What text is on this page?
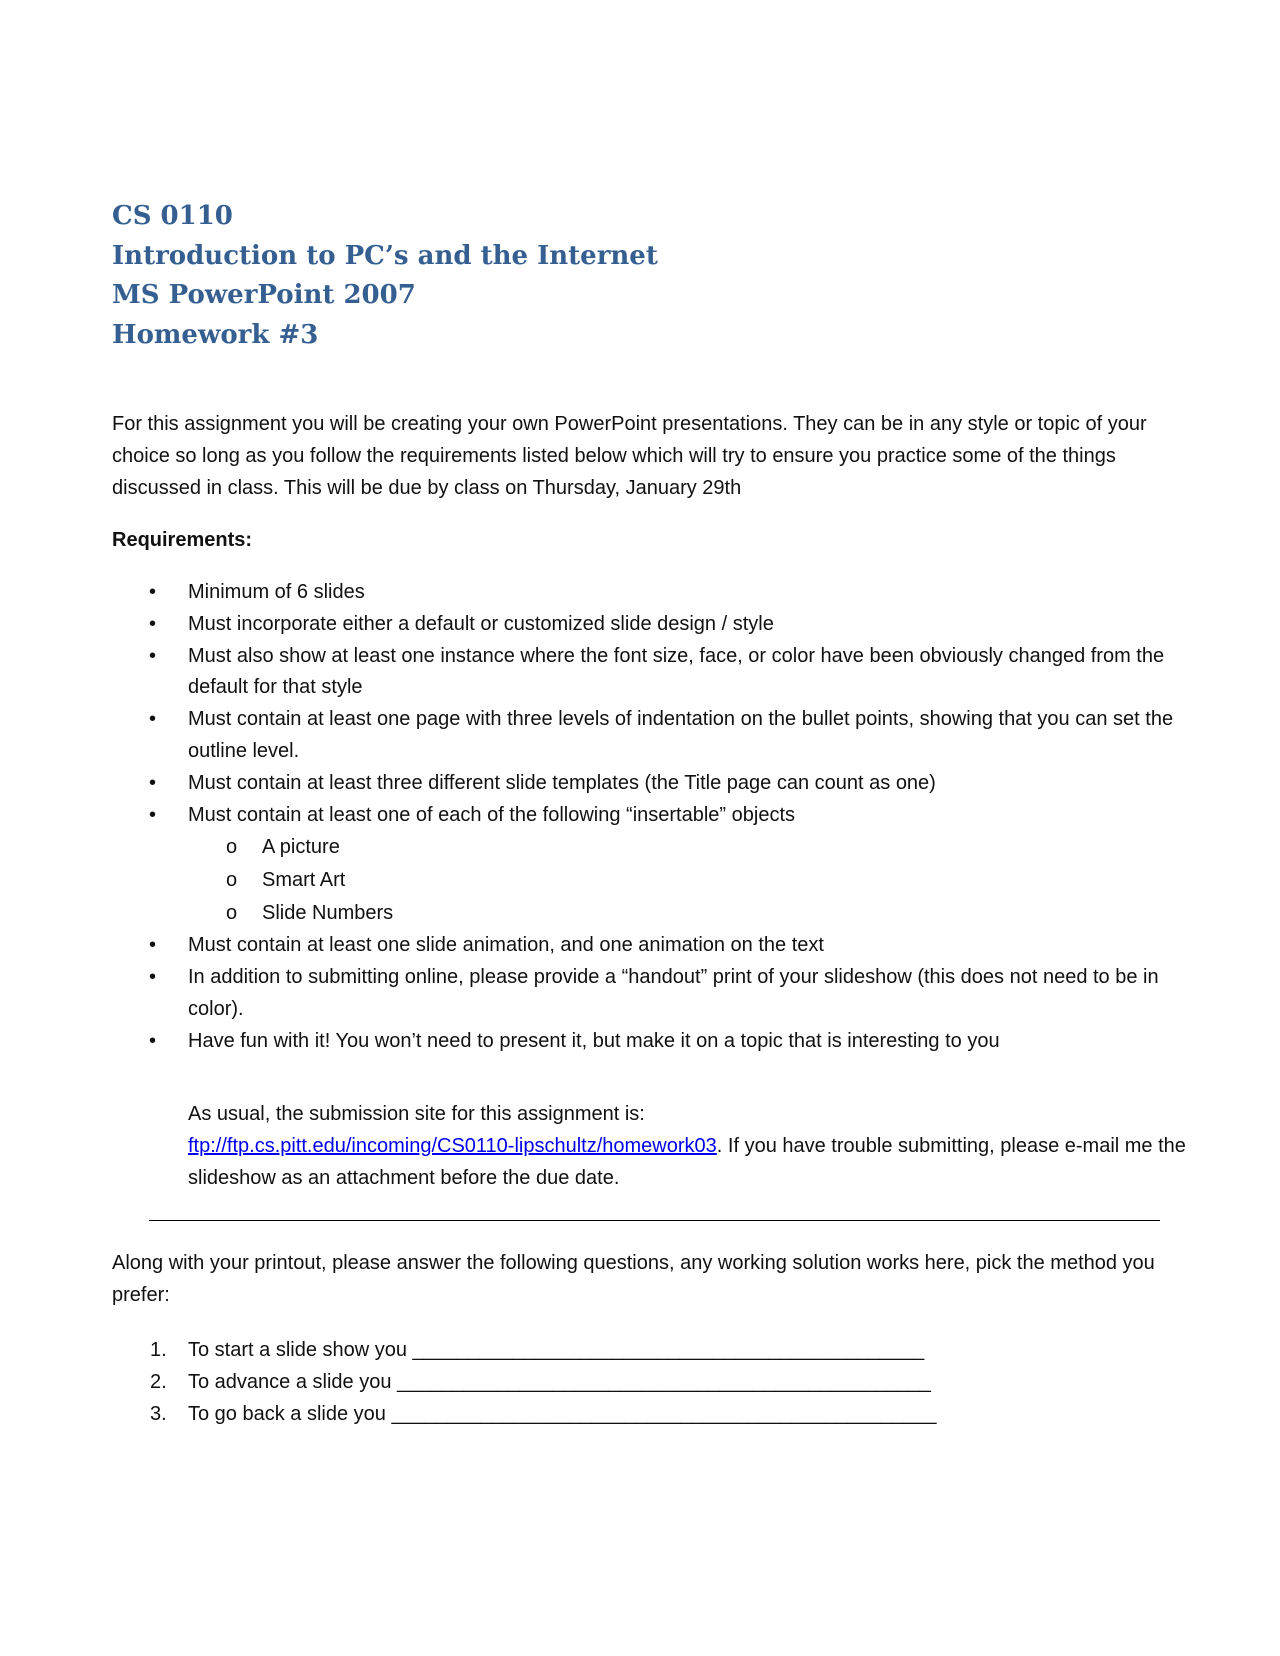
CS 0110
Introduction to PC’s and the Internet
MS PowerPoint 2007
Homework #3

For this assignment you will be creating your own PowerPoint presentations. They can be in any style or topic of your choice so long as you follow the requirements listed below which will try to ensure you practice some of the things discussed in class. This will be due by class on Thursday, January 29th

Requirements:

• Minimum of 6 slides
• Must incorporate either a default or customized slide design / style
• Must also show at least one instance where the font size, face, or color have been obviously changed from the default for that style
• Must contain at least one page with three levels of indentation on the bullet points, showing that you can set the outline level.
• Must contain at least three different slide templates (the Title page can count as one)
• Must contain at least one of each of the following “insertable” objects
o A picture
o Smart Art
o Slide Numbers
• Must contain at least one slide animation, and one animation on the text
• In addition to submitting online, please provide a “handout” print of your slideshow (this does not need to be in color).
• Have fun with it! You won’t need to present it, but make it on a topic that is interesting to you

As usual, the submission site for this assignment is:
ftp://ftp.cs.pitt.edu/incoming/CS0110-lipschultz/homework03. If you have trouble submitting, please e-mail me the slideshow as an attachment before the due date.

Along with your printout, please answer the following questions, any working solution works here, pick the method you prefer:

1. To start a slide show you ______________________________________________
2. To advance a slide you ________________________________________________
3. To go back a slide you _________________________________________________
